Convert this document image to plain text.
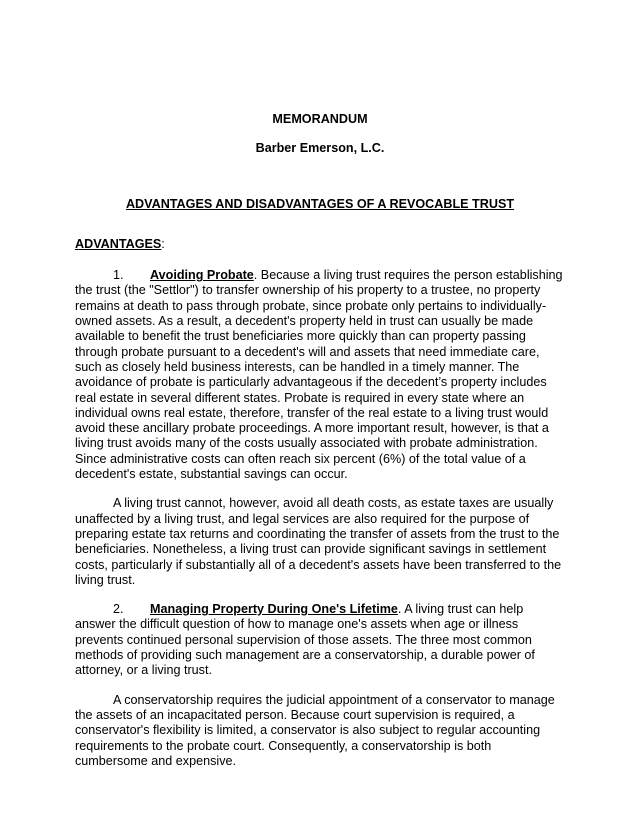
MEMORANDUM
Barber Emerson, L.C.
ADVANTAGES AND DISADVANTAGES OF A REVOCABLE TRUST
ADVANTAGES:

1. Avoiding Probate. Because a living trust requires the person establishing the trust (the "Settlor") to transfer ownership of his property to a trustee, no property remains at death to pass through probate, since probate only pertains to individually-owned assets. As a result, a decedent's property held in trust can usually be made available to benefit the trust beneficiaries more quickly than can property passing through probate pursuant to a decedent's will and assets that need immediate care, such as closely held business interests, can be handled in a timely manner. The avoidance of probate is particularly advantageous if the decedent’s property includes real estate in several different states. Probate is required in every state where an individual owns real estate, therefore, transfer of the real estate to a living trust would avoid these ancillary probate proceedings. A more important result, however, is that a living trust avoids many of the costs usually associated with probate administration. Since administrative costs can often reach six percent (6%) of the total value of a decedent's estate, substantial savings can occur.

A living trust cannot, however, avoid all death costs, as estate taxes are usually unaffected by a living trust, and legal services are also required for the purpose of preparing estate tax returns and coordinating the transfer of assets from the trust to the beneficiaries. Nonetheless, a living trust can provide significant savings in settlement costs, particularly if substantially all of a decedent's assets have been transferred to the living trust.

2. Managing Property During One's Lifetime. A living trust can help answer the difficult question of how to manage one's assets when age or illness prevents continued personal supervision of those assets. The three most common methods of providing such management are a conservatorship, a durable power of attorney, or a living trust.

A conservatorship requires the judicial appointment of a conservator to manage the assets of an incapacitated person. Because court supervision is required, a conservator's flexibility is limited, a conservator is also subject to regular accounting requirements to the probate court. Consequently, a conservatorship is both cumbersome and expensive.
